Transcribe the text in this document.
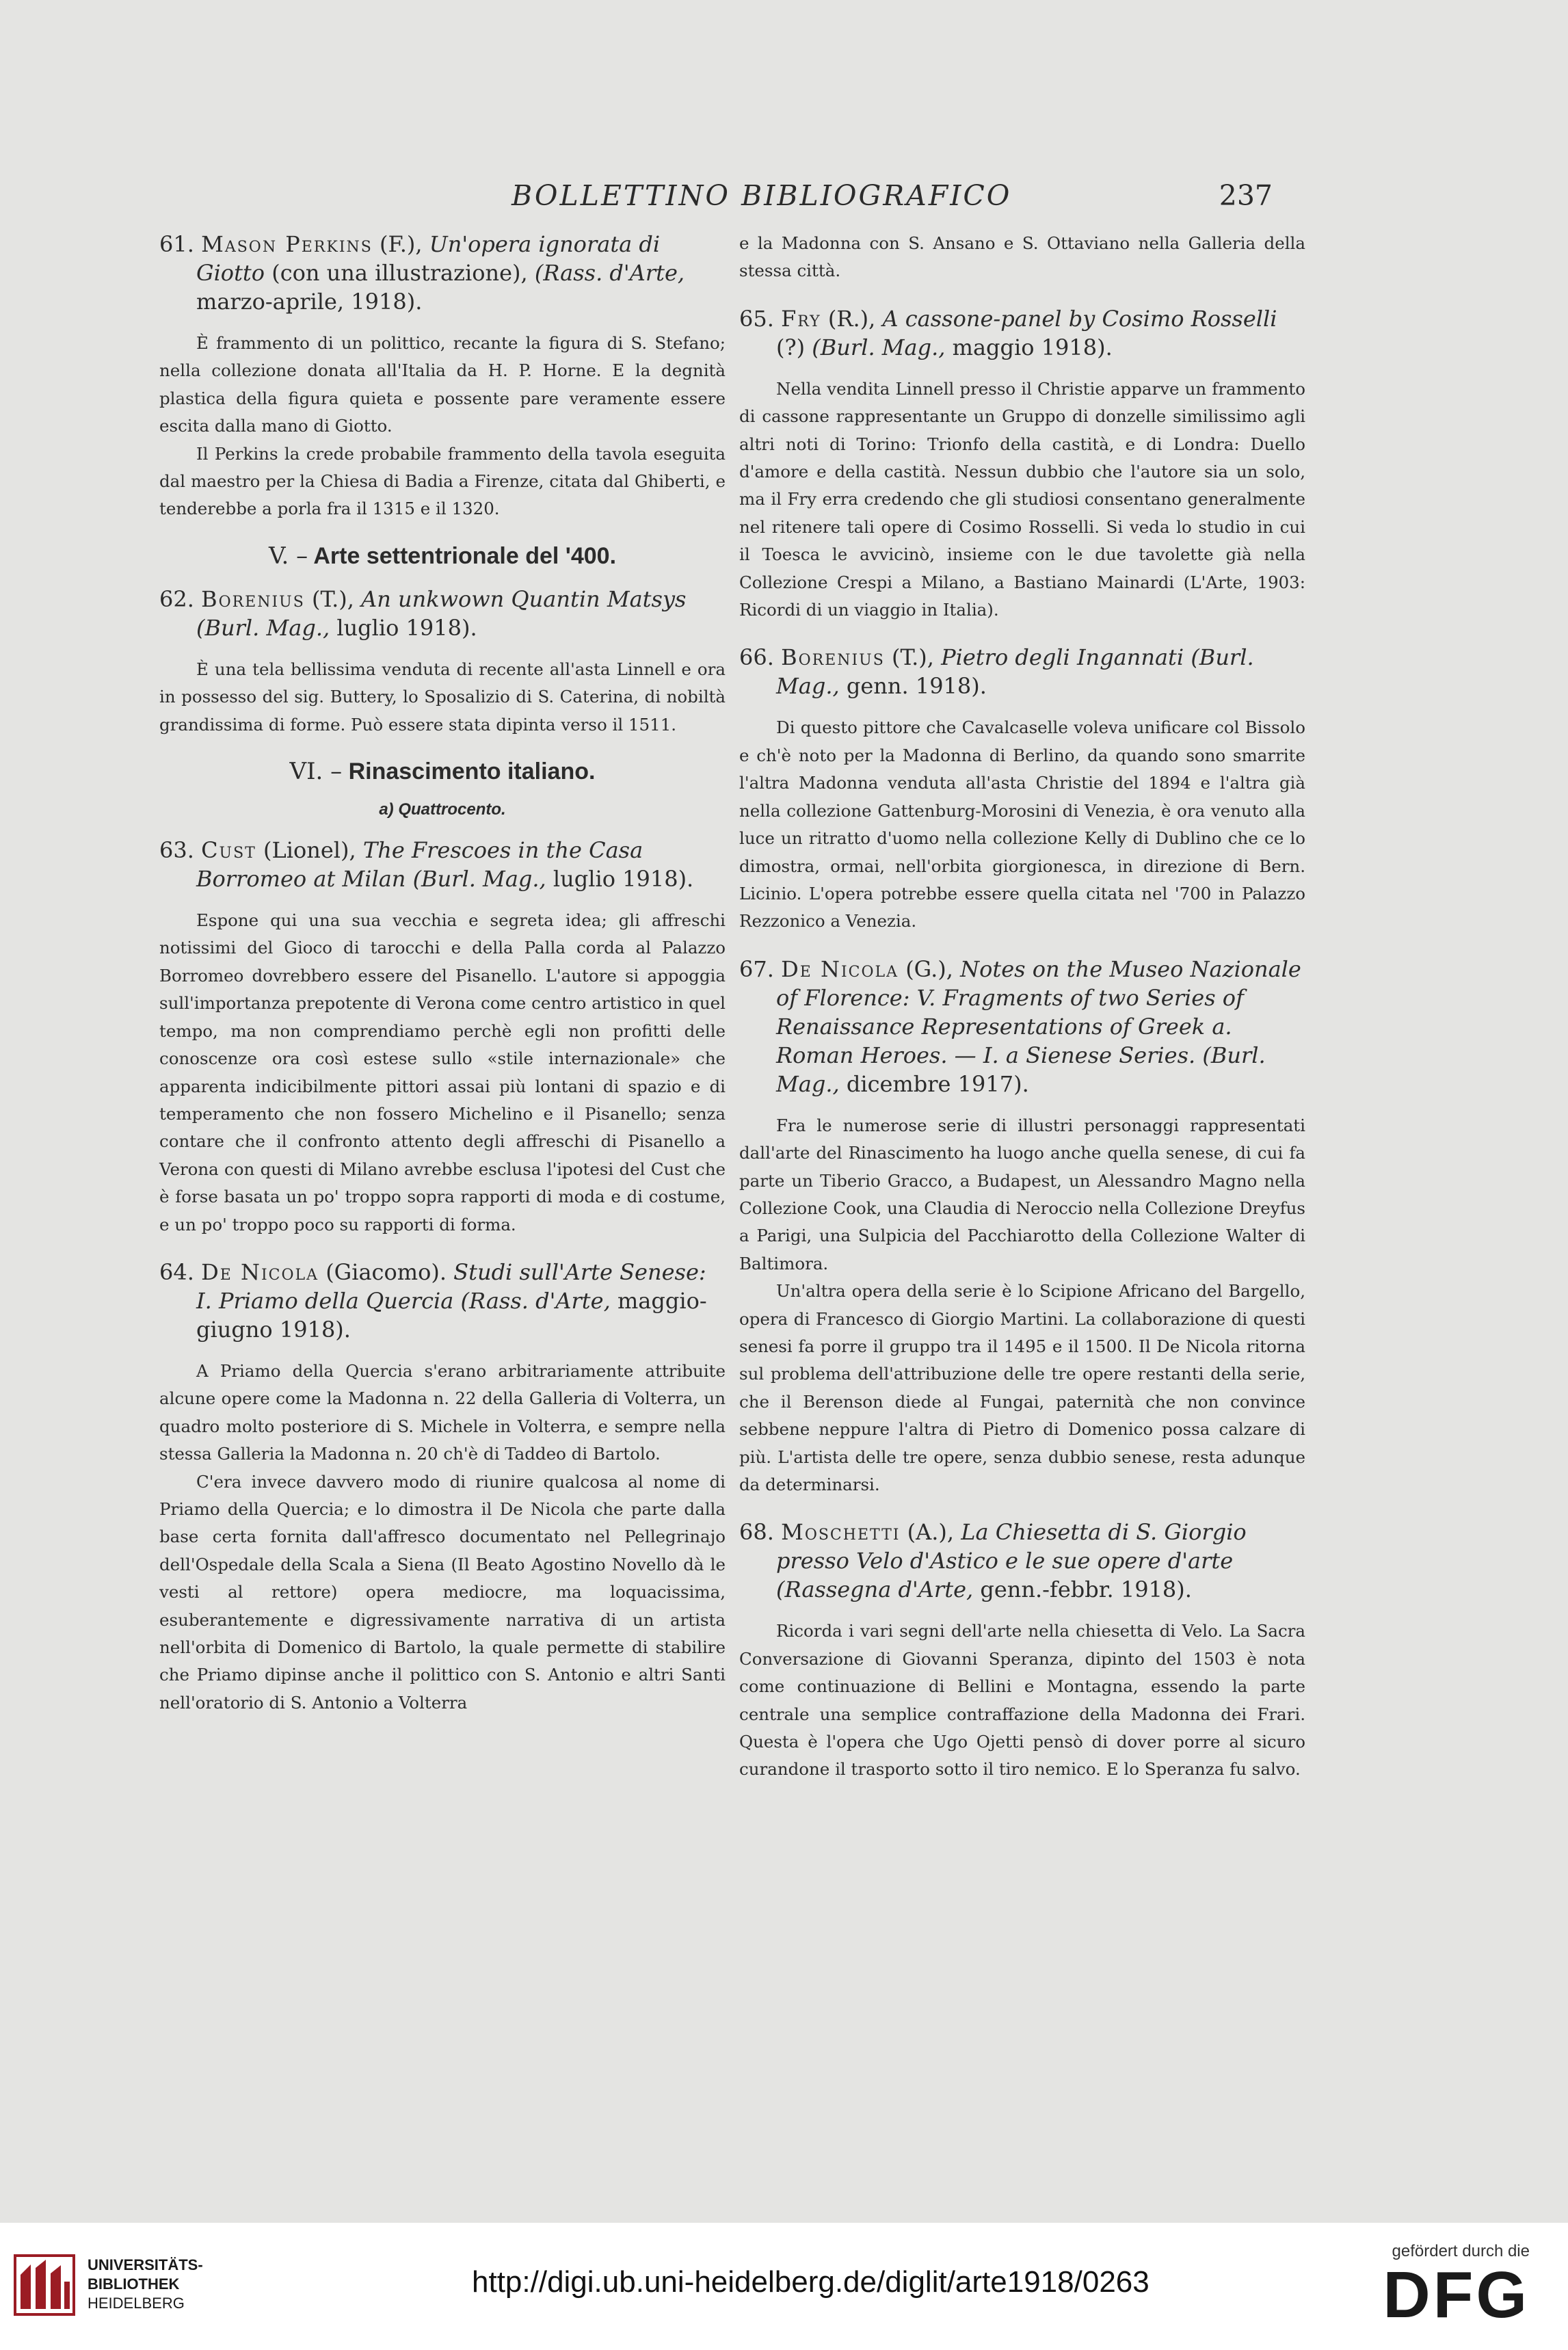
BOLLETTINO BIBLIOGRAFICO	237

61. Mason Perkins (F.), Un'opera ignorata di Giotto (con una illustrazione), (Rass. d'Arte, marzo-aprile, 1918).

È frammento di un polittico, recante la figura di S. Stefano; nella collezione donata all'Italia da H. P. Horne. E la degnità plastica della figura quieta e possente pare veramente essere escita dalla mano di Giotto.

Il Perkins la crede probabile frammento della tavola eseguita dal maestro per la Chiesa di Badia a Firenze, citata dal Ghiberti, e tenderebbe a porla fra il 1315 e il 1320.

V. – Arte settentrionale del '400.

62. Borenius (T.), An unkwown Quantin Matsys (Burl. Mag., luglio 1918).

È una tela bellissima venduta di recente all'asta Linnell e ora in possesso del sig. Buttery, lo Sposalizio di S. Caterina, di nobiltà grandissima di forme. Può essere stata dipinta verso il 1511.

VI. – Rinascimento italiano.
a) Quattrocento.

63. Cust (Lionel), The Frescoes in the Casa Borromeo at Milan (Burl. Mag., luglio 1918).

Espone qui una sua vecchia e segreta idea; gli affreschi notissimi del Gioco di tarocchi e della Palla corda al Palazzo Borromeo dovrebbero essere del Pisanello. L'autore si appoggia sull'importanza prepotente di Verona come centro artistico in quel tempo, ma non comprendiamo perchè egli non profitti delle conoscenze ora così estese sullo «stile internazionale» che apparenta indicibilmente pittori assai più lontani di spazio e di temperamento che non fossero Michelino e il Pisanello; senza contare che il confronto attento degli affreschi di Pisanello a Verona con questi di Milano avrebbe esclusa l'ipotesi del Cust che è forse basata un po' troppo sopra rapporti di moda e di costume, e un po' troppo poco su rapporti di forma.

64. De Nicola (Giacomo). Studi sull'Arte Senese: I. Priamo della Quercia (Rass. d'Arte, maggio-giugno 1918).

A Priamo della Quercia s'erano arbitrariamente attribuite alcune opere come la Madonna n. 22 della Galleria di Volterra, un quadro molto posteriore di S. Michele in Volterra, e sempre nella stessa Galleria la Madonna n. 20 ch'è di Taddeo di Bartolo.

C'era invece davvero modo di riunire qualcosa al nome di Priamo della Quercia; e lo dimostra il De Nicola che parte dalla base certa fornita dall'affresco documentato nel Pellegrinajo dell'Ospedale della Scala a Siena (Il Beato Agostino Novello dà le vesti al rettore) opera mediocre, ma loquacissima, esuberantemente e digressivamente narrativa di un artista nell'orbita di Domenico di Bartolo, la quale permette di stabilire che Priamo dipinse anche il polittico con S. Antonio e altri Santi nell'oratorio di S. Antonio a Volterra

e la Madonna con S. Ansano e S. Ottaviano nella Galleria della stessa città.

65. Fry (R.), A cassone-panel by Cosimo Rosselli (?) (Burl. Mag., maggio 1918).

Nella vendita Linnell presso il Christie apparve un frammento di cassone rappresentante un Gruppo di donzelle similissimo agli altri noti di Torino: Trionfo della castità, e di Londra: Duello d'amore e della castità. Nessun dubbio che l'autore sia un solo, ma il Fry erra credendo che gli studiosi consentano generalmente nel ritenere tali opere di Cosimo Rosselli. Si veda lo studio in cui il Toesca le avvicinò, insieme con le due tavolette già nella Collezione Crespi a Milano, a Bastiano Mainardi (L'Arte, 1903: Ricordi di un viaggio in Italia).

66. Borenius (T.), Pietro degli Ingannati (Burl. Mag., genn. 1918).

Di questo pittore che Cavalcaselle voleva unificare col Bissolo e ch'è noto per la Madonna di Berlino, da quando sono smarrite l'altra Madonna venduta all'asta Christie del 1894 e l'altra già nella collezione Gattenburg-Morosini di Venezia, è ora venuto alla luce un ritratto d'uomo nella collezione Kelly di Dublino che ce lo dimostra, ormai, nell'orbita giorgionesca, in direzione di Bern. Licinio. L'opera potrebbe essere quella citata nel '700 in Palazzo Rezzonico a Venezia.

67. De Nicola (G.), Notes on the Museo Nazionale of Florence: V. Fragments of two Series of Renaissance Representations of Greek a. Roman Heroes. — I. a Sienese Series. (Burl. Mag., dicembre 1917).

Fra le numerose serie di illustri personaggi rappresentati dall'arte del Rinascimento ha luogo anche quella senese, di cui fa parte un Tiberio Gracco, a Budapest, un Alessandro Magno nella Collezione Cook, una Claudia di Neroccio nella Collezione Dreyfus a Parigi, una Sulpicia del Pacchiarotto della Collezione Walter di Baltimora.

Un'altra opera della serie è lo Scipione Africano del Bargello, opera di Francesco di Giorgio Martini. La collaborazione di questi senesi fa porre il gruppo tra il 1495 e il 1500. Il De Nicola ritorna sul problema dell'attribuzione delle tre opere restanti della serie, che il Berenson diede al Fungai, paternità che non convince sebbene neppure l'altra di Pietro di Domenico possa calzare di più. L'artista delle tre opere, senza dubbio senese, resta adunque da determinarsi.

68. Moschetti (A.), La Chiesetta di S. Giorgio presso Velo d'Astico e le sue opere d'arte (Rassegna d'Arte, genn.-febbr. 1918).

Ricorda i vari segni dell'arte nella chiesetta di Velo. La Sacra Conversazione di Giovanni Speranza, dipinto del 1503 è nota come continuazione di Bellini e Montagna, essendo la parte centrale una semplice contraffazione della Madonna dei Frari. Questa è l'opera che Ugo Ojetti pensò di dover porre al sicuro curandone il trasporto sotto il tiro nemico. E lo Speranza fu salvo.

UNIVERSITÄTS-
BIBLIOTHEK
HEIDELBERG
http://digi.ub.uni-heidelberg.de/diglit/arte1918/0263
gefördert durch die
DFG
